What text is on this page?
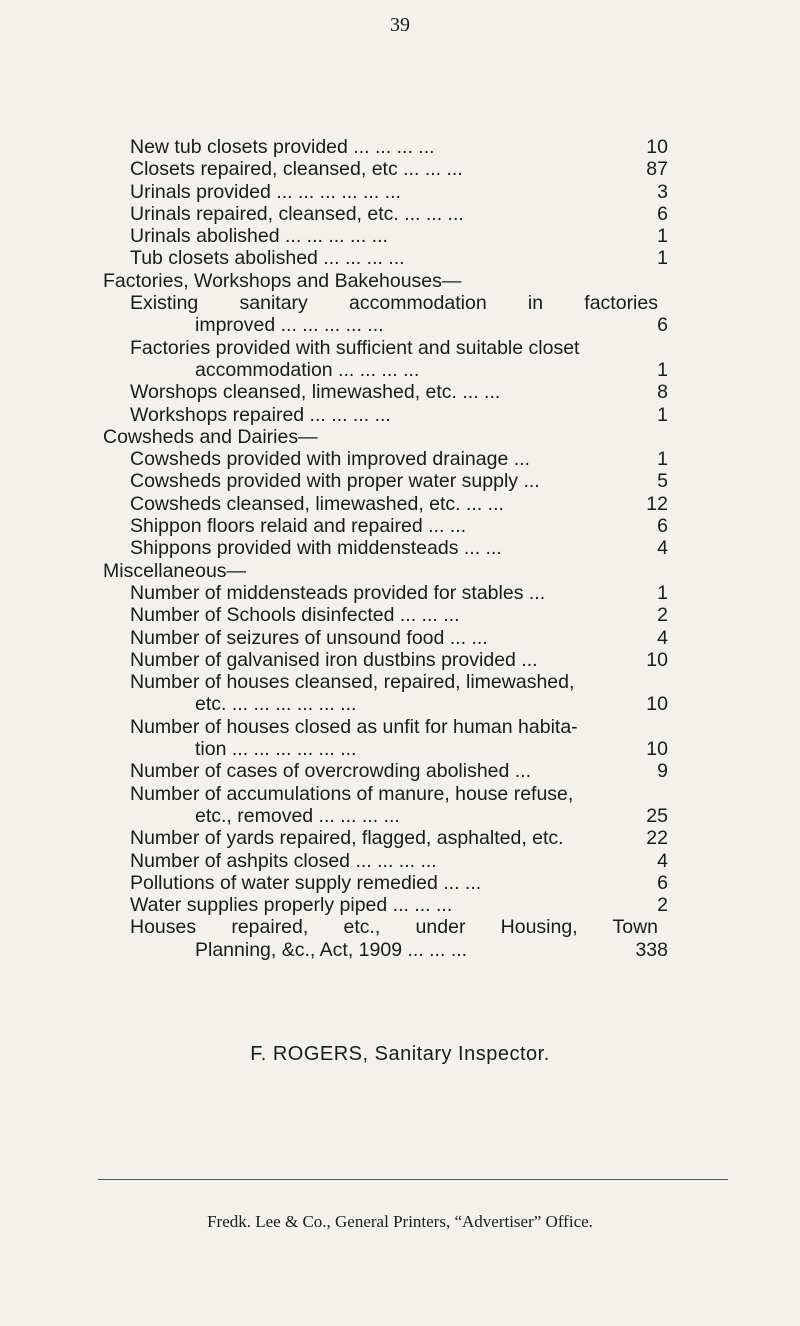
39
New tub closets provided ... ... ... ...	10
Closets repaired, cleansed, etc ... ... ...	87
Urinals provided ... ... ... ... ... ...	3
Urinals repaired, cleansed, etc. ... ... ...	6
Urinals abolished ... ... ... ... ...	1
Tub closets abolished ... ... ... ...	1
Factories, Workshops and Bakehouses—
Existing sanitary accommodation in factories
improved ... ... ... ... ...	6
Factories provided with sufficient and suitable closet
accommodation ... ... ... ...	1
Worshops cleansed, limewashed, etc. ... ...	8
Workshops repaired ... ... ... ...	1
Cowsheds and Dairies—
Cowsheds provided with improved drainage ...	1
Cowsheds provided with proper water supply ...	5
Cowsheds cleansed, limewashed, etc. ... ...	12
Shippon floors relaid and repaired ... ...	6
Shippons provided with middensteads ... ...	4
Miscellaneous—
Number of middensteads provided for stables ...	1
Number of Schools disinfected ... ... ...	2
Number of seizures of unsound food ... ...	4
Number of galvanised iron dustbins provided ...	10
Number of houses cleansed, repaired, limewashed,
etc. ... ... ... ... ... ...	10
Number of houses closed as unfit for human habita-
tion ... ... ... ... ... ...	10
Number of cases of overcrowding abolished ...	9
Number of accumulations of manure, house refuse,
etc., removed ... ... ... ...	25
Number of yards repaired, flagged, asphalted, etc.	22
Number of ashpits closed ... ... ... ...	4
Pollutions of water supply remedied ... ...	6
Water supplies properly piped ... ... ...	2
Houses repaired, etc., under Housing, Town
Planning, &c., Act, 1909 ... ... ...	338
F. ROGERS, Sanitary Inspector.
Fredk. Lee & Co., General Printers, “Advertiser” Office.
